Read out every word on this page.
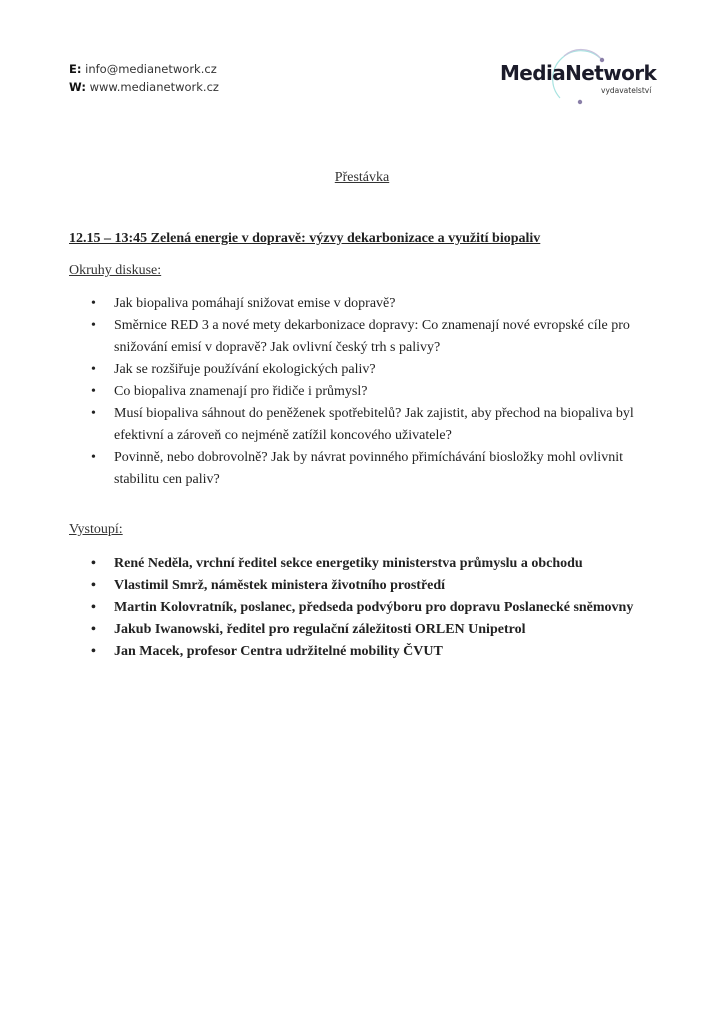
E: info@medianetwork.cz
W: www.medianetwork.cz
MediaNetwork
vydavatelství
Přestávka
12.15 – 13:45 Zelená energie v dopravě: výzvy dekarbonizace a využití biopaliv
Okruhy diskuse:
• Jak biopaliva pomáhají snižovat emise v dopravě?
• Směrnice RED 3 a nové mety dekarbonizace dopravy: Co znamenají nové evropské cíle pro snižování emisí v dopravě? Jak ovlivní český trh s palivy?
• Jak se rozšiřuje používání ekologických paliv?
• Co biopaliva znamenají pro řidiče i průmysl?
• Musí biopaliva sáhnout do peněženek spotřebitelů? Jak zajistit, aby přechod na biopaliva byl efektivní a zároveň co nejméně zatížil koncového uživatele?
• Povinně, nebo dobrovolně? Jak by návrat povinného přimíchávání biosložky mohl ovlivnit stabilitu cen paliv?
Vystoupí:
• René Neděla, vrchní ředitel sekce energetiky ministerstva průmyslu a obchodu
• Vlastimil Smrž, náměstek ministera životního prostředí
• Martin Kolovratník, poslanec, předseda podvýboru pro dopravu Poslanecké sněmovny
• Jakub Iwanowski, ředitel pro regulační záležitosti ORLEN Unipetrol
• Jan Macek, profesor Centra udržitelné mobility ČVUT
